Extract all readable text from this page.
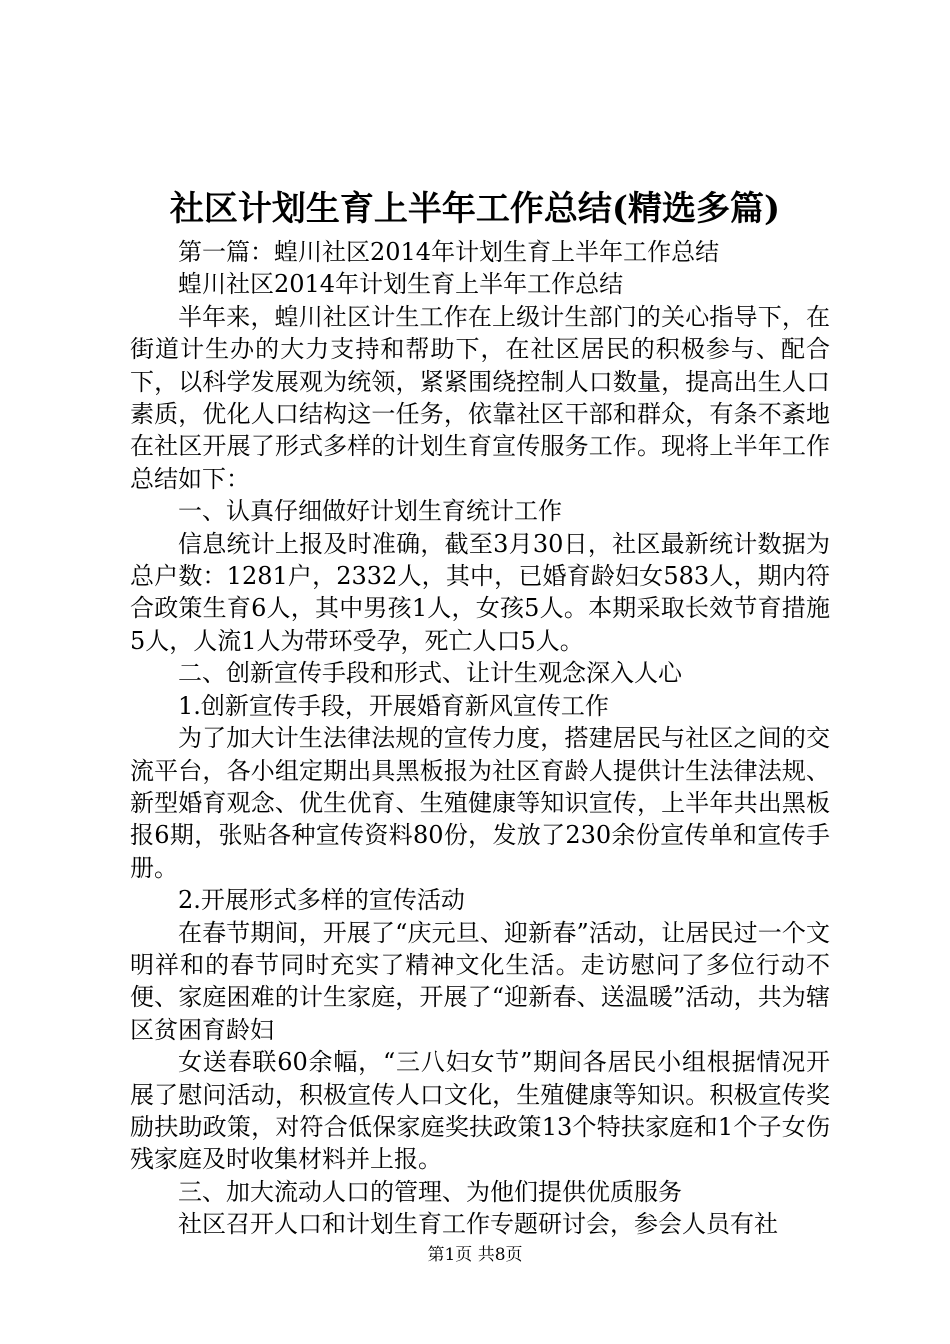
社区计划生育上半年工作总结(精选多篇)

第一篇：蝗川社区2014年计划生育上半年工作总结

蝗川社区2014年计划生育上半年工作总结

半年来，蝗川社区计生工作在上级计生部门的关心指导下，在街道计生办的大力支持和帮助下，在社区居民的积极参与、配合下，以科学发展观为统领，紧紧围绕控制人口数量，提高出生人口素质，优化人口结构这一任务，依靠社区干部和群众，有条不紊地在社区开展了形式多样的计划生育宣传服务工作。现将上半年工作总结如下：

一、认真仔细做好计划生育统计工作

信息统计上报及时准确，截至3月30日，社区最新统计数据为总户数：1281户，2332人，其中，已婚育龄妇女583人，期内符合政策生育6人，其中男孩1人，女孩5人。本期采取长效节育措施5人，人流1人为带环受孕，死亡人口5人。

二、创新宣传手段和形式、让计生观念深入人心

1.创新宣传手段，开展婚育新风宣传工作

为了加大计生法律法规的宣传力度，搭建居民与社区之间的交流平台，各小组定期出具黑板报为社区育龄人提供计生法律法规、新型婚育观念、优生优育、生殖健康等知识宣传，上半年共出黑板报6期，张贴各种宣传资料80份，发放了230余份宣传单和宣传手册。

2.开展形式多样的宣传活动

在春节期间，开展了“庆元旦、迎新春”活动，让居民过一个文明祥和的春节同时充实了精神文化生活。走访慰问了多位行动不便、家庭困难的计生家庭，开展了“迎新春、送温暖”活动，共为辖区贫困育龄妇

女送春联60余幅，“三八妇女节”期间各居民小组根据情况开展了慰问活动，积极宣传人口文化，生殖健康等知识。积极宣传奖励扶助政策，对符合低保家庭奖扶政策13个特扶家庭和1个子女伤残家庭及时收集材料并上报。

三、加大流动人口的管理、为他们提供优质服务

社区召开人口和计划生育工作专题研讨会，参会人员有社

第1页 共8页
